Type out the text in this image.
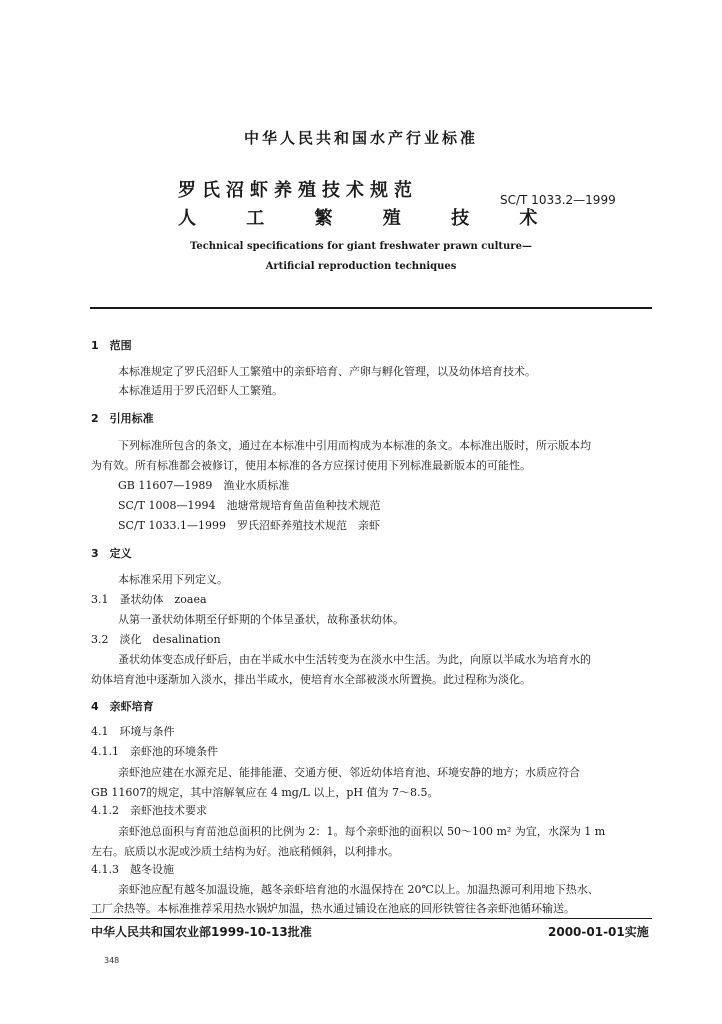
中华人民共和国水产行业标准
罗氏沼虾养殖技术规范
人 工 繁 殖 技 术
SC/T 1033.2—1999
Technical specifications for giant freshwater prawn culture—
Artificial reproduction techniques
1　范围
本标准规定了罗氏沼虾人工繁殖中的亲虾培育、产卵与孵化管理，以及幼体培育技术。
本标准适用于罗氏沼虾人工繁殖。
2　引用标准
下列标准所包含的条文，通过在本标准中引用而构成为本标准的条文。本标准出版时，所示版本均
为有效。所有标准都会被修订，使用本标准的各方应探讨使用下列标准最新版本的可能性。
GB 11607—1989　渔业水质标准
SC/T 1008—1994　池塘常规培育鱼苗鱼种技术规范
SC/T 1033.1—1999　罗氏沼虾养殖技术规范　亲虾
3　定义
本标准采用下列定义。
3.1　蚤状幼体　zoaea
从第一蚤状幼体期至仔虾期的个体呈蚤状，故称蚤状幼体。
3.2　淡化　desalination
蚤状幼体变态成仔虾后，由在半咸水中生活转变为在淡水中生活。为此，向原以半咸水为培育水的
幼体培育池中逐渐加入淡水，排出半咸水，使培育水全部被淡水所置换。此过程称为淡化。
4　亲虾培育
4.1　环境与条件
4.1.1　亲虾池的环境条件
亲虾池应建在水源充足、能排能灌、交通方便、邻近幼体培育池、环境安静的地方；水质应符合
GB 11607的规定，其中溶解氧应在 4 mg/L 以上，pH 值为 7～8.5。
4.1.2　亲虾池技术要求
亲虾池总面积与育苗池总面积的比例为 2：1。每个亲虾池的面积以 50～100 m² 为宜，水深为 1 m
左右。底质以水泥或沙质土结构为好。池底稍倾斜，以利排水。
4.1.3　越冬设施
亲虾池应配有越冬加温设施，越冬亲虾培育池的水温保持在 20℃以上。加温热源可利用地下热水、
工厂余热等。本标准推荐采用热水锅炉加温，热水通过铺设在池底的回形铁管往各亲虾池循环输送。
中华人民共和国农业部1999-10-13批准	2000-01-01实施
348
